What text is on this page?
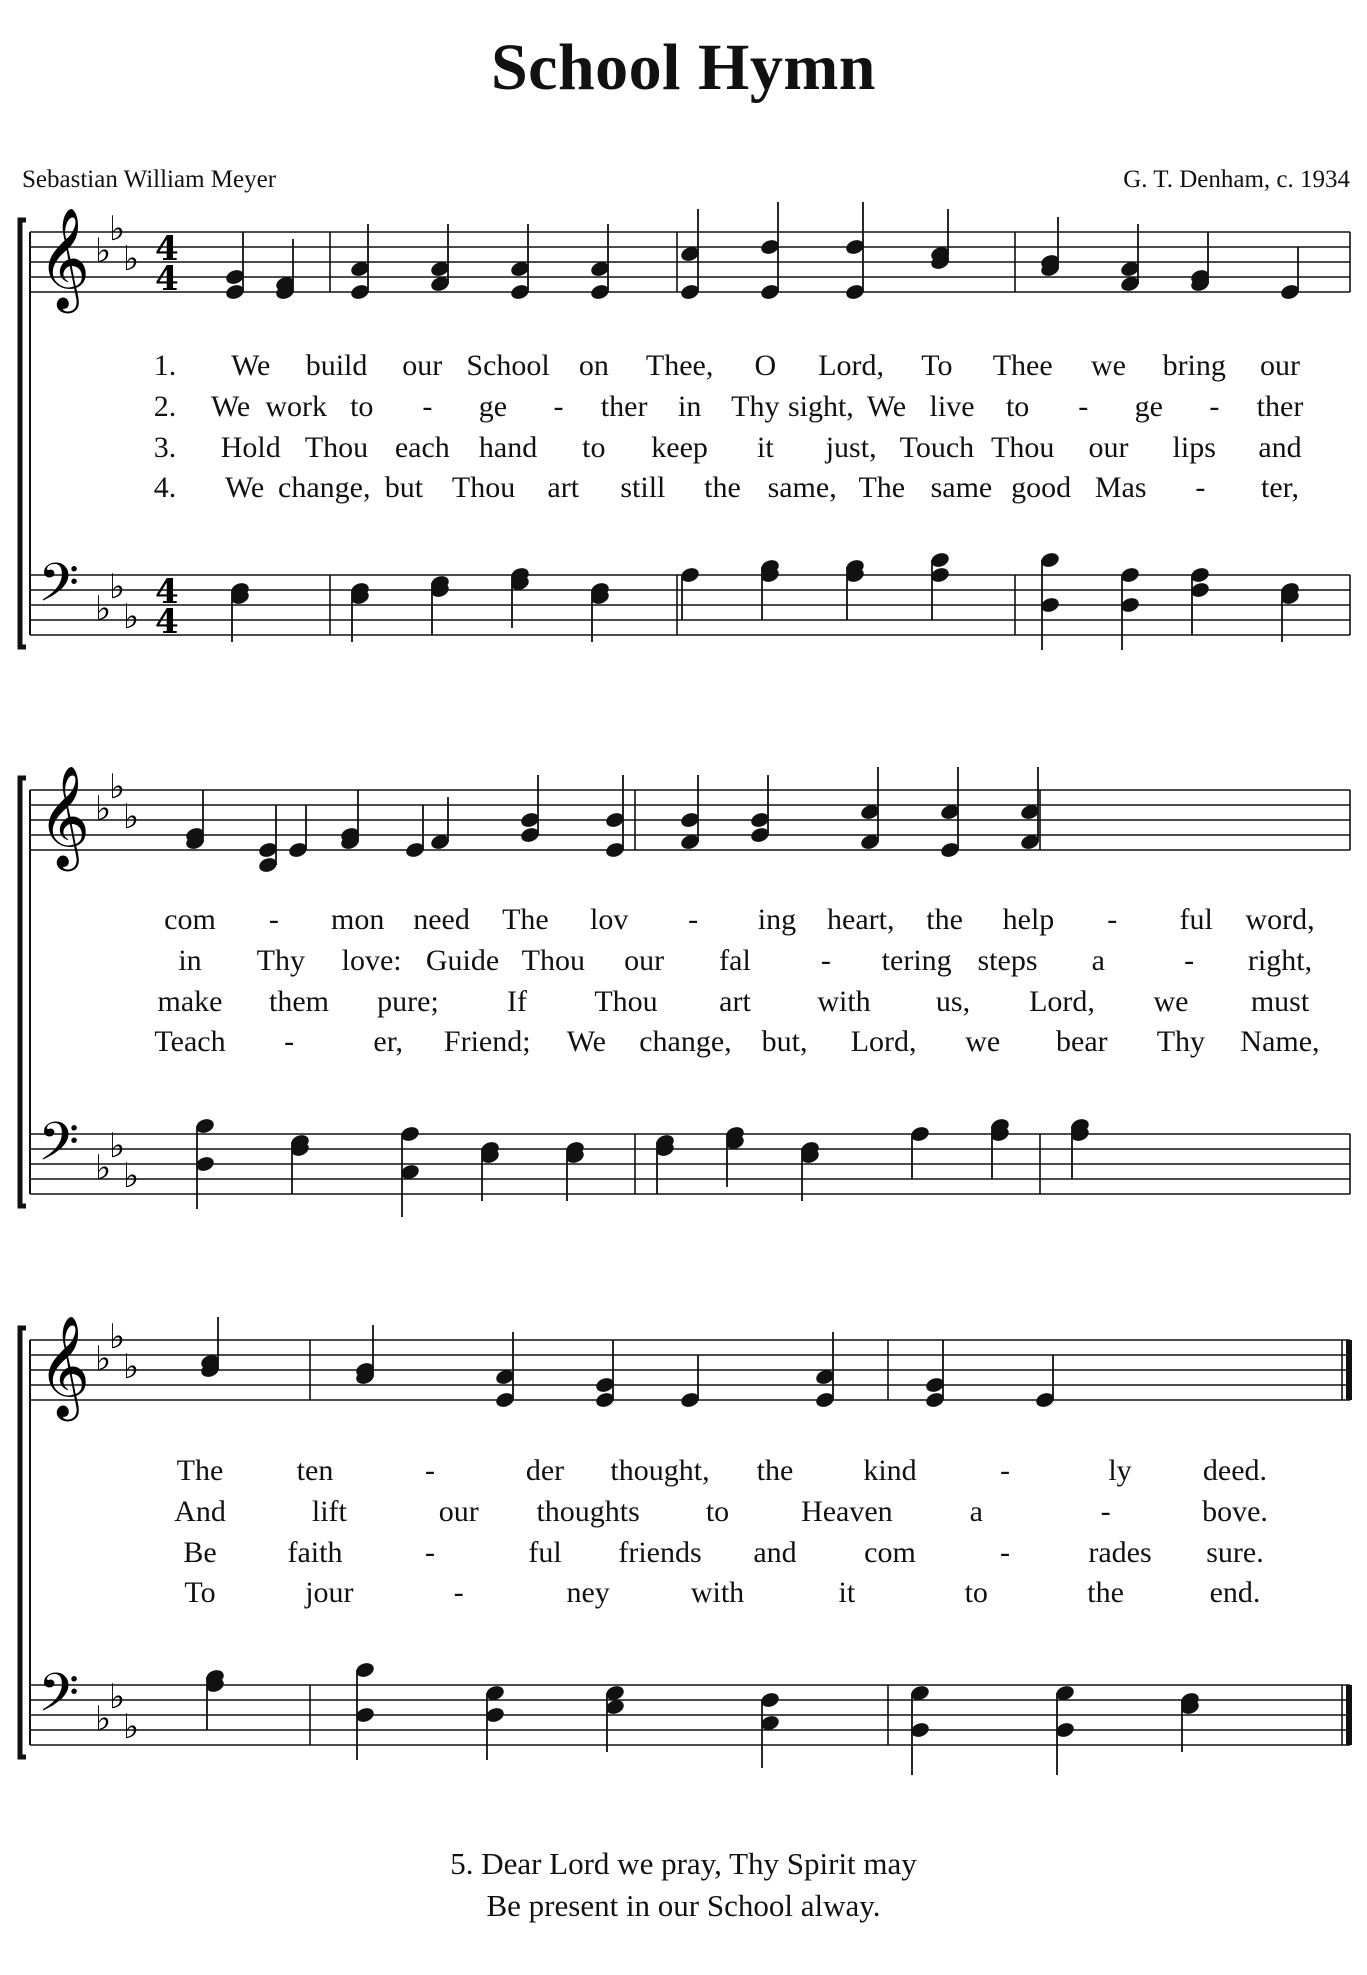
School Hymn
Sebastian William Meyer	G. T. Denham, c. 1934
𝄞
𝄢
♭
♭
♭
♭
♭
♭
4
4
4
4
𝄞
𝄢
♭
♭
♭
♭
♭
♭
𝄞
𝄢
♭
♭
♭
♭
♭
♭
1. We build our School on Thee, O Lord, To Thee we bring our
2. We work to - ge - ther in Thy sight, We live to - ge - ther
3. Hold Thou each hand to keep it just, Touch Thou our lips and
4. We change, but Thou art still the same, The same good Mas - ter,
com - mon need The lov - ing heart, the help - ful word,
in Thy love: Guide Thou our fal - tering steps a	- right,
make them pure; If Thou art with us, Lord, we must
Teach -	er, Friend; We change, but, Lord, we bear Thy Name,
The ten	-	der thought, the kind	-	ly deed.
And	lift	our thoughts to Heaven	a	-	bove.
Be faith	-	ful friends and com	-	rades sure.
To	jour	-	ney	with	it	to	the	end.
5. Dear Lord we pray, Thy Spirit may
Be present in our School alway.
